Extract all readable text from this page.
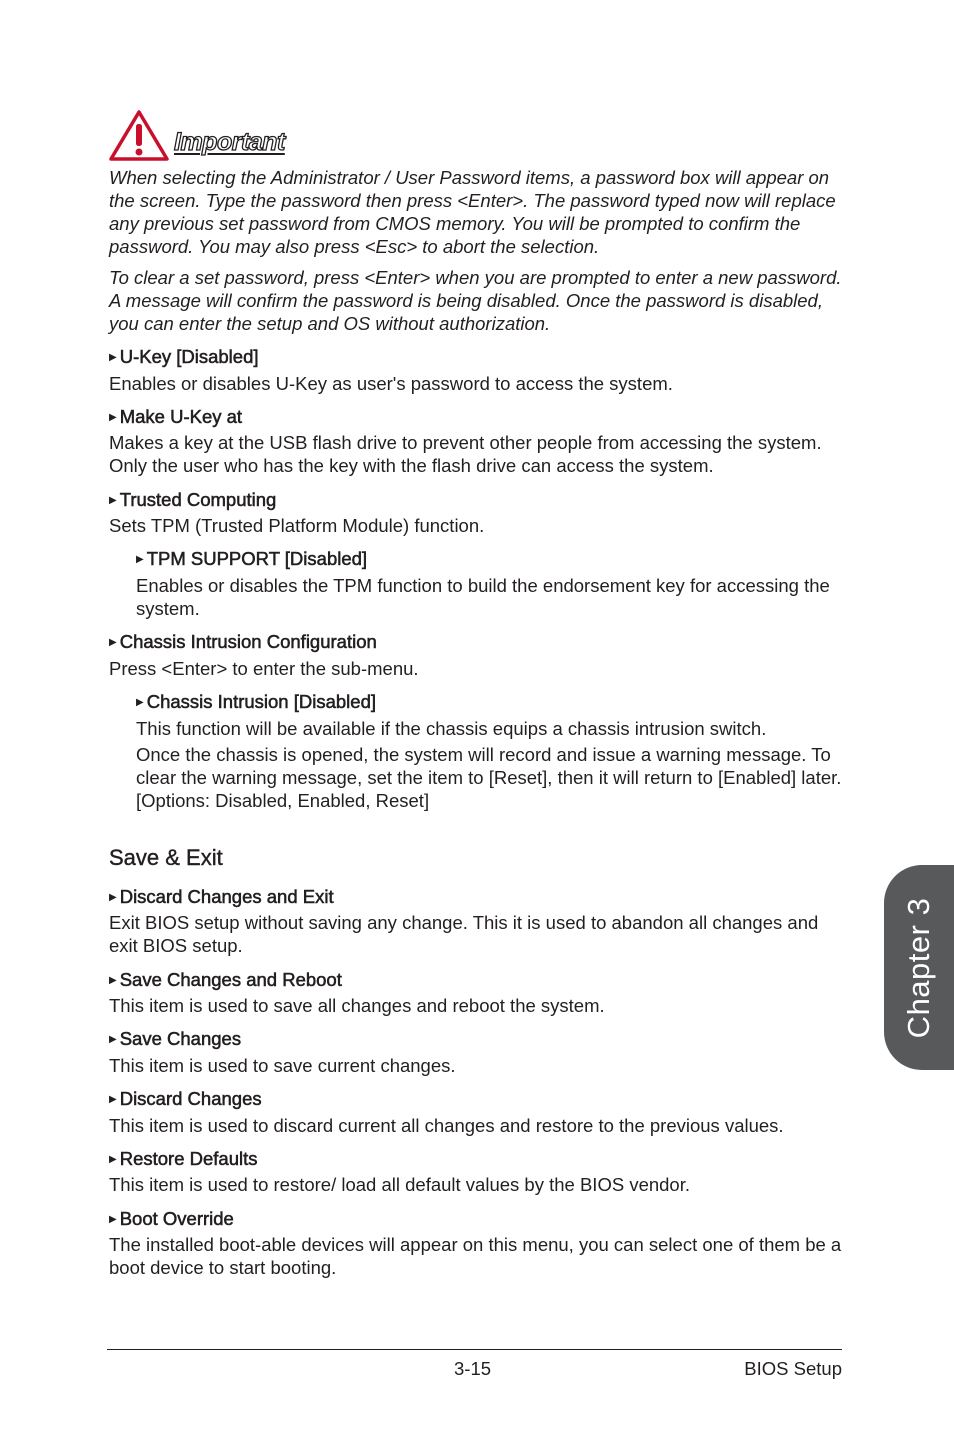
Important

When selecting the Administrator / User Password items, a password box will appear on the screen. Type the password then press <Enter>. The password typed now will replace any previous set password from CMOS memory. You will be prompted to confirm the password. You may also press <Esc> to abort the selection.

To clear a set password, press <Enter> when you are prompted to enter a new password. A message will confirm the password is being disabled. Once the password is disabled, you can enter the setup and OS without authorization.

▶ U-Key [Disabled]

Enables or disables U-Key as user's password to access the system.

▶ Make U-Key at

Makes a key at the USB flash drive to prevent other people from accessing the system. Only the user who has the key with the flash drive can access the system.

▶ Trusted Computing

Sets TPM (Trusted Platform Module) function.

▶ TPM SUPPORT [Disabled]

Enables or disables the TPM function to build the endorsement key for accessing the system.

▶ Chassis Intrusion Configuration

Press <Enter> to enter the sub-menu.

▶ Chassis Intrusion [Disabled]

This function will be available if the chassis equips a chassis intrusion switch.

Once the chassis is opened, the system will record and issue a warning message. To clear the warning message, set the item to [Reset], then it will return to [Enabled] later. [Options: Disabled, Enabled, Reset]

Save & Exit
▶ Discard Changes and Exit

Exit BIOS setup without saving any change. This it is used to abandon all changes and exit BIOS setup.

▶ Save Changes and Reboot

This item is used to save all changes and reboot the system.

▶ Save Changes

This item is used to save current changes.

▶ Discard Changes

This item is used to discard current all changes and restore to the previous values.

▶ Restore Defaults

This item is used to restore/ load all default values by the BIOS vendor.

▶ Boot Override

The installed boot-able devices will appear on this menu, you can select one of them be a boot device to start booting.

Chapter 3
3-15	BIOS Setup
